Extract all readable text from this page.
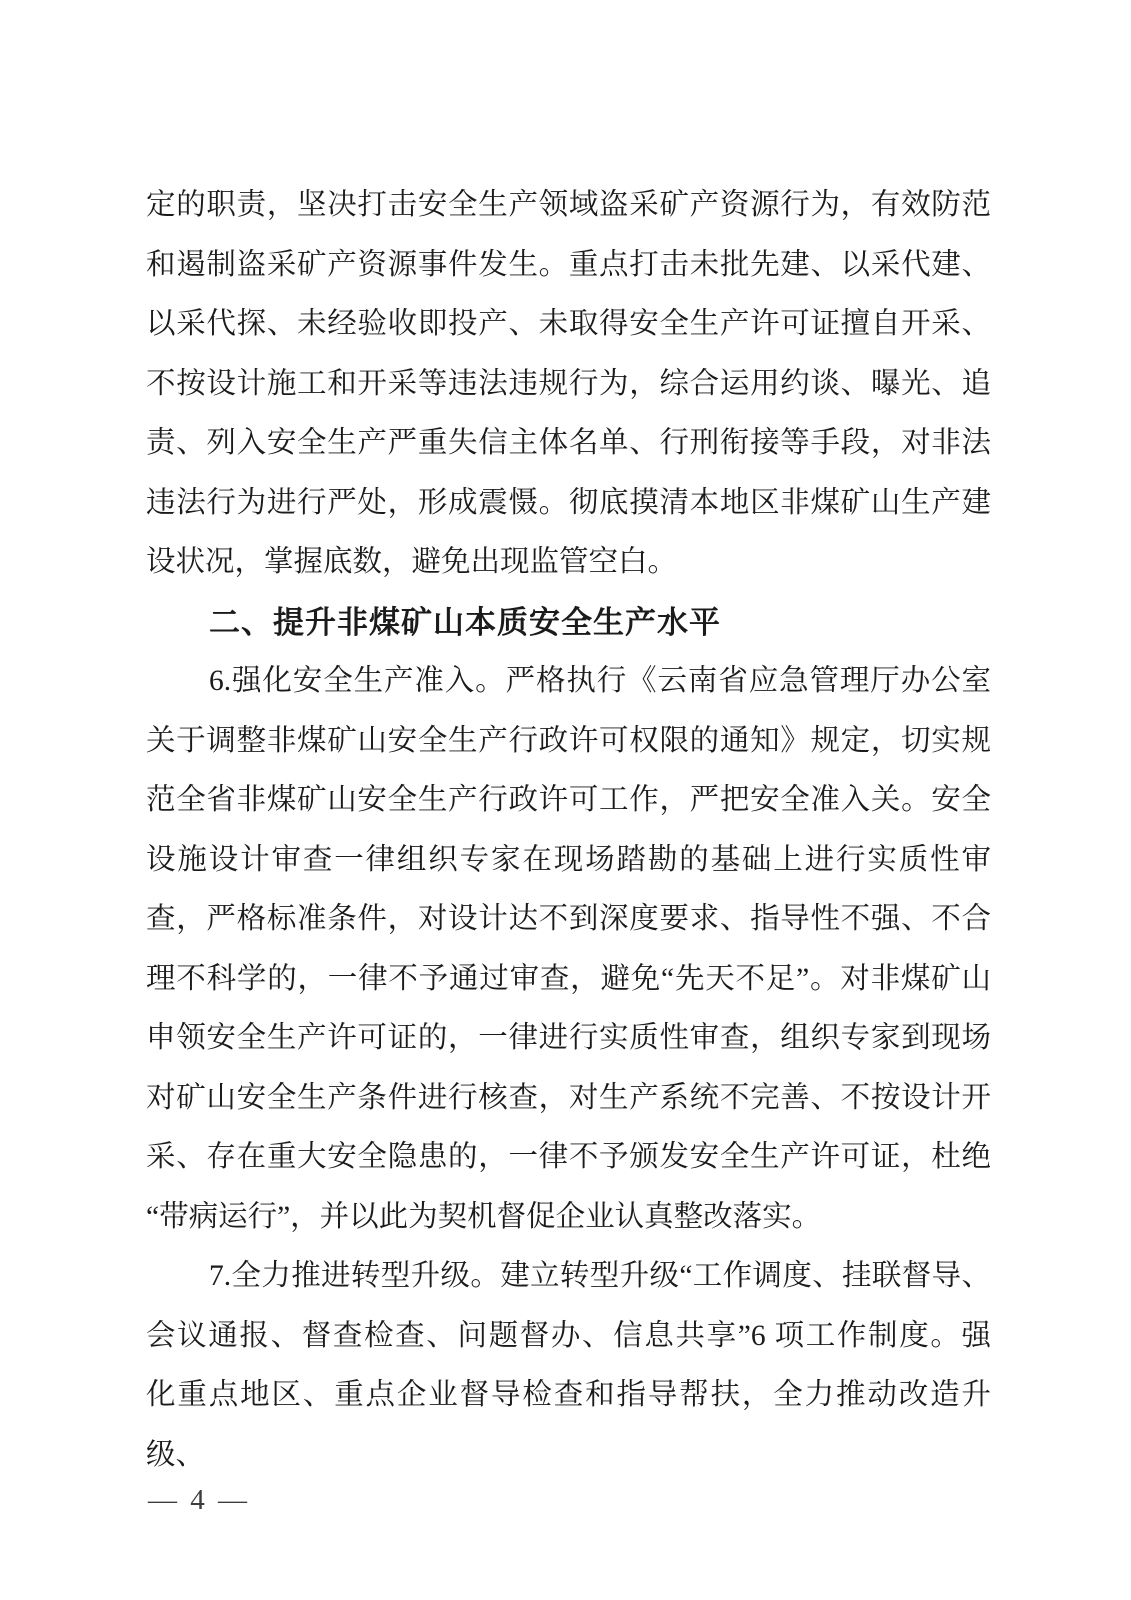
定的职责，坚决打击安全生产领域盗采矿产资源行为，有效防范
和遏制盗采矿产资源事件发生。重点打击未批先建、以采代建、
以采代探、未经验收即投产、未取得安全生产许可证擅自开采、
不按设计施工和开采等违法违规行为，综合运用约谈、曝光、追
责、列入安全生产严重失信主体名单、行刑衔接等手段，对非法
违法行为进行严处，形成震慑。彻底摸清本地区非煤矿山生产建
设状况，掌握底数，避免出现监管空白。
二、提升非煤矿山本质安全生产水平
6.强化安全生产准入。严格执行《云南省应急管理厅办公室
关于调整非煤矿山安全生产行政许可权限的通知》规定，切实规
范全省非煤矿山安全生产行政许可工作，严把安全准入关。安全
设施设计审查一律组织专家在现场踏勘的基础上进行实质性审
查，严格标准条件，对设计达不到深度要求、指导性不强、不合
理不科学的，一律不予通过审查，避免“先天不足”。对非煤矿山
申领安全生产许可证的，一律进行实质性审查，组织专家到现场
对矿山安全生产条件进行核查，对生产系统不完善、不按设计开
采、存在重大安全隐患的，一律不予颁发安全生产许可证，杜绝
“带病运行”，并以此为契机督促企业认真整改落实。
7.全力推进转型升级。建立转型升级“工作调度、挂联督导、
会议通报、督查检查、问题督办、信息共享”6 项工作制度。强
化重点地区、重点企业督导检查和指导帮扶，全力推动改造升级、
— 4 —
